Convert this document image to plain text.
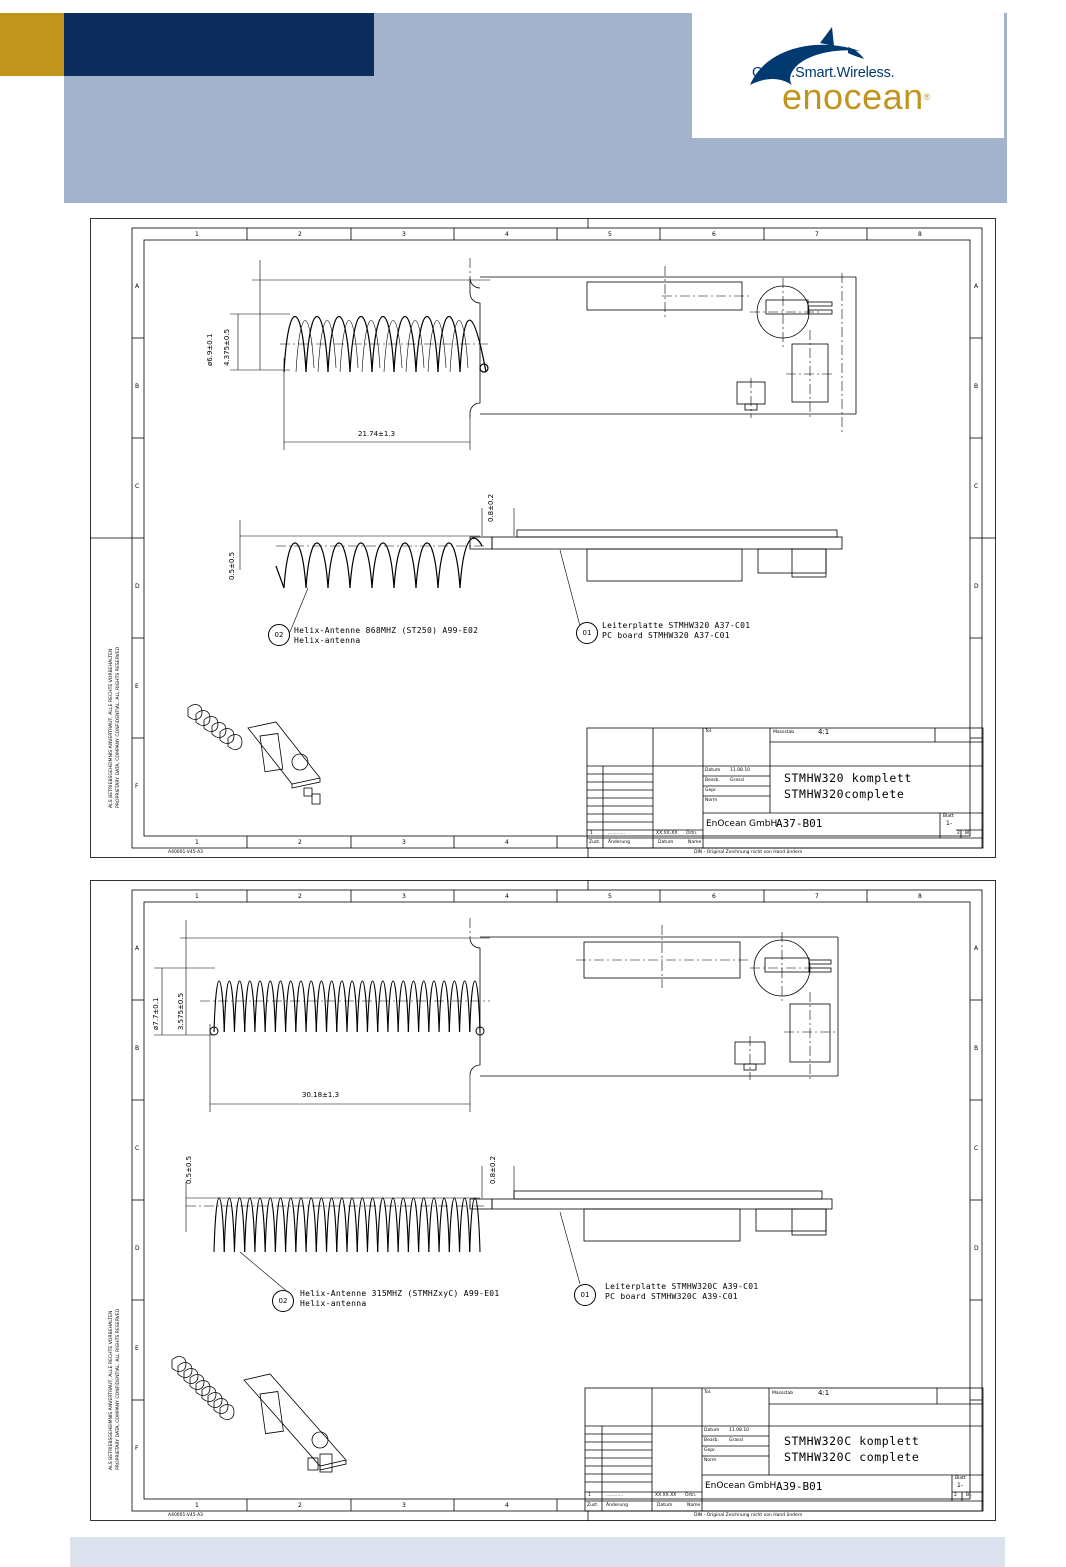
Green.Smart.Wireless.
enocean®
1	2	3	4	5	6	7	8
1	2	3	4
A
B
C
D
E
F
A
B
C
D
ø6.9±0.1 4.375±0.5
21.74±1.3
0.8±0.2
0.5±0.5
02	Helix-Antenne 868MHZ (ST250) A99-E02
Helix-antenna
01
Leiterplatte STMHW320 A37-C01
PC board STMHW320 A37-C01
ALS BETRIEBSGEHEIMNIS ANVERTRAUT, ALLE RECHTE VORBEHALTEN PROPRIETARY DATA, COMPANY CONFIDENTIAL. ALL RIGHTS RESERVED	Tol.	Massstab	4:1
Datum 11.08.10
Bearb. Grassl
Gepr.
Norm
STMHW320 komplett
STMHW320complete
1	............	XX.XX.XX Ortn.
Zust. Änderung	Datum	Name
EnOcean GmbH
A37-B01
Blatt
1-
2 Bl.
A40001-V45-A3	DIN - Original Zeichnung nicht von Hand ändern
1	2	3	4	5	6	7	8
1	2	3	4
A
B
C
D
E
F
A
B
C
D
ø7.7±0.1 3.575±0.5
30.18±1.3
0.8±0.2
0.5±0.5
02
Helix-Antenne 315MHZ (STMHZxyC) A99-E01
Helix-antenna
01
Leiterplatte STMHW320C A39-C01
PC board STMHW320C A39-C01
ALS BETRIEBSGEHEIMNIS ANVERTRAUT, ALLE RECHTE VORBEHALTEN PROPRIETARY DATA, COMPANY CONFIDENTIAL. ALL RIGHTS RESERVED	Tol.	Massstab	4:1
Datum 11.08.10
Bearb. Grassl
Gepr.
Norm
STMHW320C komplett
STMHW320C complete
1	............	XX.XX.XX Ortn.
Zust. Änderung	Datum	Name
EnOcean GmbH A39-B01
Blatt
1-
2 Bl.
A40001-V45-A3	DIN - Original Zeichnung nicht von Hand ändern
